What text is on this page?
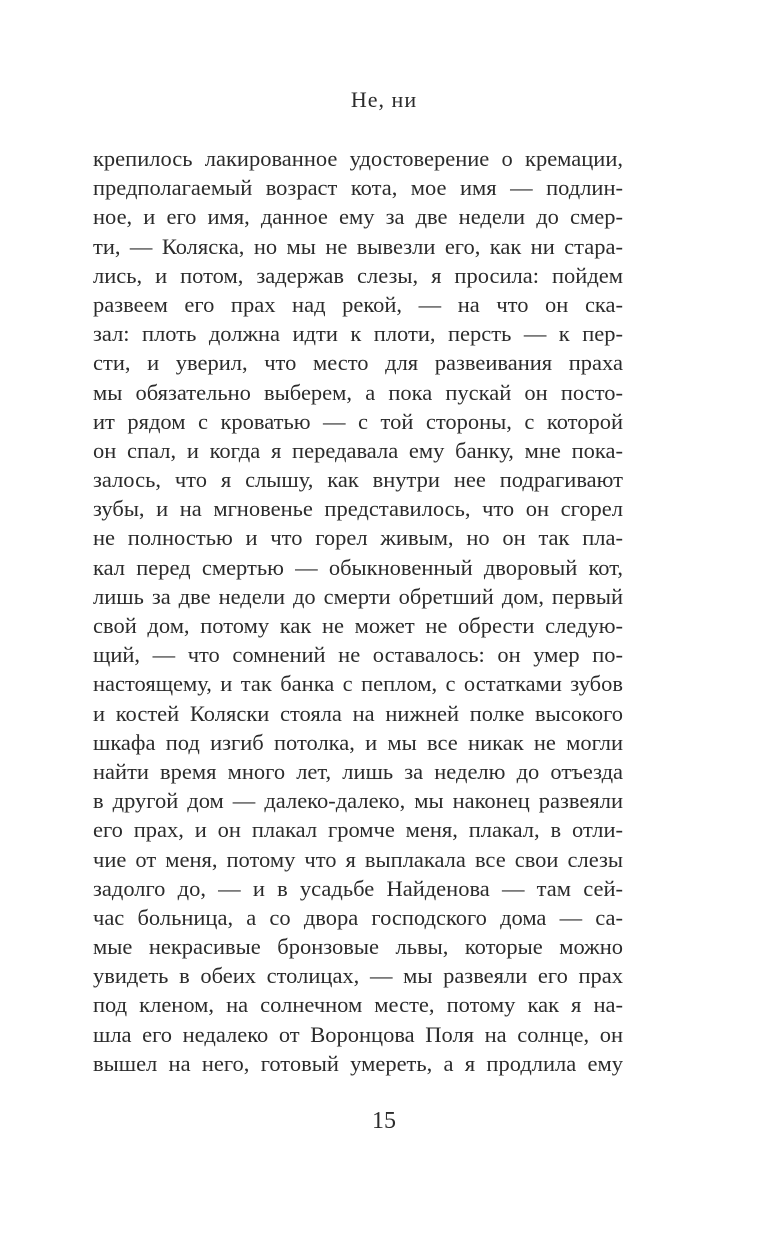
Не, ни
крепилось лакированное удостоверение о кремации,
предполагаемый возраст кота, мое имя — подлин-
ное, и его имя, данное ему за две недели до смер-
ти, — Коляска, но мы не вывезли его, как ни стара-
лись, и потом, задержав слезы, я просила: пойдем
развеем его прах над рекой, — на что он ска-
зал: плоть должна идти к плоти, персть — к пер-
сти, и уверил, что место для развеивания праха
мы обязательно выберем, а пока пускай он посто-
ит рядом с кроватью — с той стороны, с которой
он спал, и когда я передавала ему банку, мне пока-
залось, что я слышу, как внутри нее подрагивают
зубы, и на мгновенье представилось, что он сгорел
не полностью и что горел живым, но он так пла-
кал перед смертью — обыкновенный дворовый кот,
лишь за две недели до смерти обретший дом, первый
свой дом, потому как не может не обрести следую-
щий, — что сомнений не оставалось: он умер по-
настоящему, и так банка с пеплом, с остатками зубов
и костей Коляски стояла на нижней полке высокого
шкафа под изгиб потолка, и мы все никак не могли
найти время много лет, лишь за неделю до отъезда
в другой дом — далеко-далеко, мы наконец развеяли
его прах, и он плакал громче меня, плакал, в отли-
чие от меня, потому что я выплакала все свои слезы
задолго до, — и в усадьбе Найденова — там сей-
час больница, а со двора господского дома — са-
мые некрасивые бронзовые львы, которые можно
увидеть в обеих столицах, — мы развеяли его прах
под кленом, на солнечном месте, потому как я на-
шла его недалеко от Воронцова Поля на солнце, он
вышел на него, готовый умереть, а я продлила ему
15
